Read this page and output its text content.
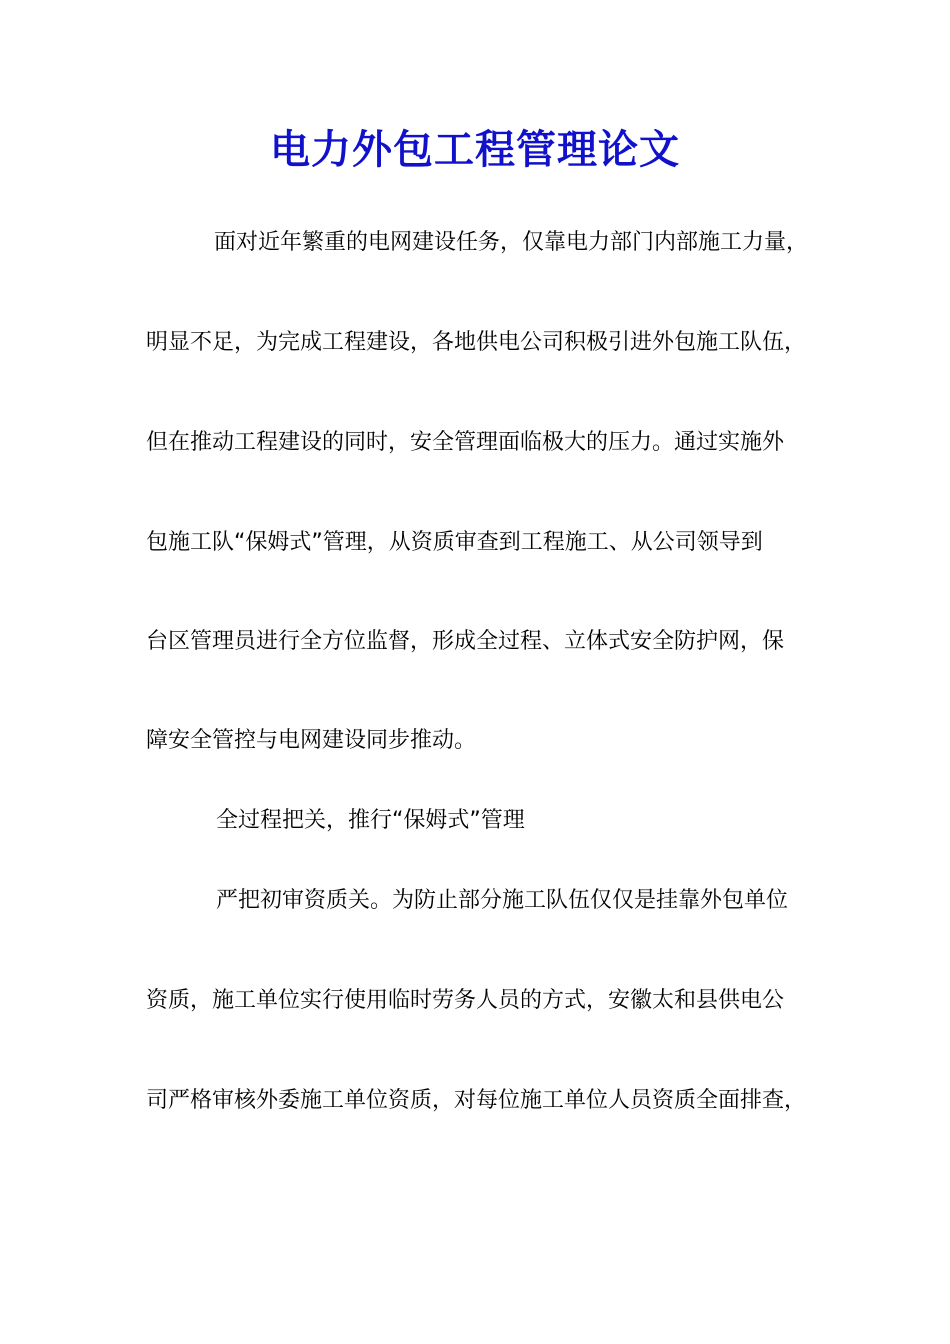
电力外包工程管理论文

面对近年繁重的电网建设任务，仅靠电力部门内部施工力量，

明显不足，为完成工程建设，各地供电公司积极引进外包施工队伍，

但在推动工程建设的同时，安全管理面临极大的压力。通过实施外

包施工队“保姆式”管理，从资质审查到工程施工、从公司领导到

台区管理员进行全方位监督，形成全过程、立体式安全防护网，保

障安全管控与电网建设同步推动。

全过程把关，推行“保姆式”管理

严把初审资质关。为防止部分施工队伍仅仅是挂靠外包单位

资质，施工单位实行使用临时劳务人员的方式，安徽太和县供电公

司严格审核外委施工单位资质，对每位施工单位人员资质全面排查，
